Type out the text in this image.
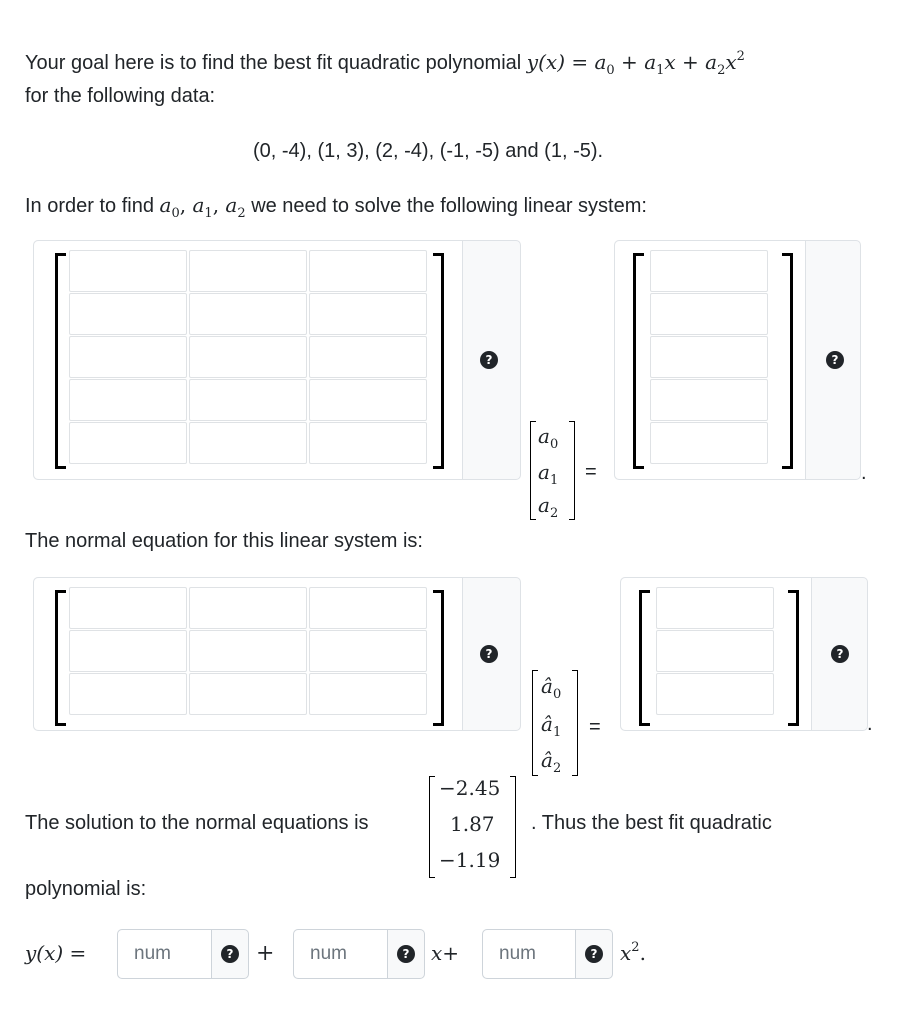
Your goal here is to find the best fit quadratic polynomial $y(x) = a_0 + a_1x + a_2x^2$
for the following data:
(0, -4), (1, 3), (2, -4), (-1, -5) and (1, -5).
In order to find $a_0$, $a_1$, $a_2$ we need to solve the following linear system:
?
$a_0$
$a_1$
$a_2$
=
?
.
The normal equation for this linear system is:
?
$â_0$
$â_1$
$â_2$
=
?
.
The solution to the normal equations is
−2.45
1.87
−1.19
. Thus the best fit quadratic
polynomial is:
y(x) =	num	? +	num	? x+	num	? $x^2$.
